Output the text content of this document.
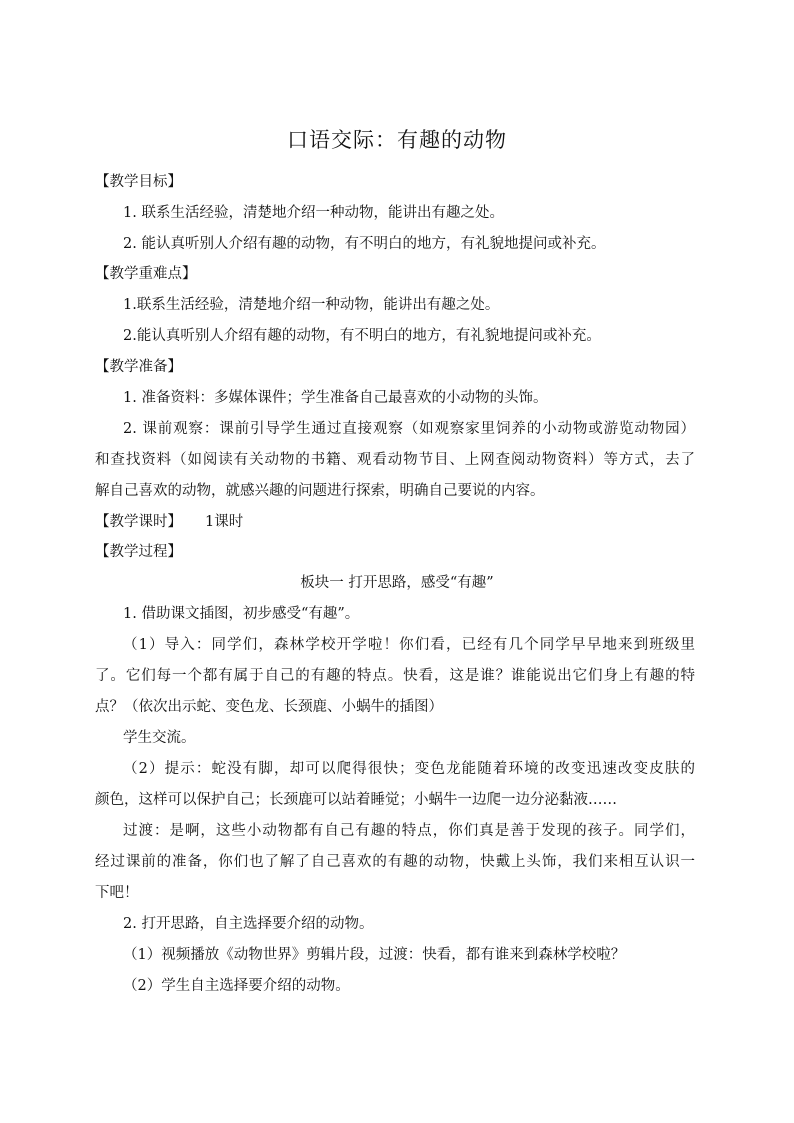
口语交际：有趣的动物
【教学目标】
1. 联系生活经验，清楚地介绍一种动物，能讲出有趣之处。
2. 能认真听别人介绍有趣的动物，有不明白的地方，有礼貌地提问或补充。
【教学重难点】
1.联系生活经验，清楚地介绍一种动物，能讲出有趣之处。
2.能认真听别人介绍有趣的动物，有不明白的地方，有礼貌地提问或补充。
【教学准备】
1. 准备资料：多媒体课件；学生准备自己最喜欢的小动物的头饰。
2. 课前观察：课前引导学生通过直接观察（如观察家里饲养的小动物或游览动物园）
和查找资料（如阅读有关动物的书籍、观看动物节目、上网查阅动物资料）等方式，去了
解自己喜欢的动物，就感兴趣的问题进行探索，明确自己要说的内容。
【教学课时】 1课时
【教学过程】
板块一 打开思路，感受“有趣”
1. 借助课文插图，初步感受“有趣”。
（1）导入：同学们，森林学校开学啦！你们看，已经有几个同学早早地来到班级里
了。它们每一个都有属于自己的有趣的特点。快看，这是谁？谁能说出它们身上有趣的特
点？（依次出示蛇、变色龙、长颈鹿、小蜗牛的插图）
学生交流。
（2）提示：蛇没有脚，却可以爬得很快；变色龙能随着环境的改变迅速改变皮肤的
颜色，这样可以保护自己；长颈鹿可以站着睡觉；小蜗牛一边爬一边分泌黏液……
过渡：是啊，这些小动物都有自己有趣的特点，你们真是善于发现的孩子。同学们，
经过课前的准备，你们也了解了自己喜欢的有趣的动物，快戴上头饰，我们来相互认识一
下吧！
2. 打开思路，自主选择要介绍的动物。
（1）视频播放《动物世界》剪辑片段，过渡：快看，都有谁来到森林学校啦？
（2）学生自主选择要介绍的动物。
